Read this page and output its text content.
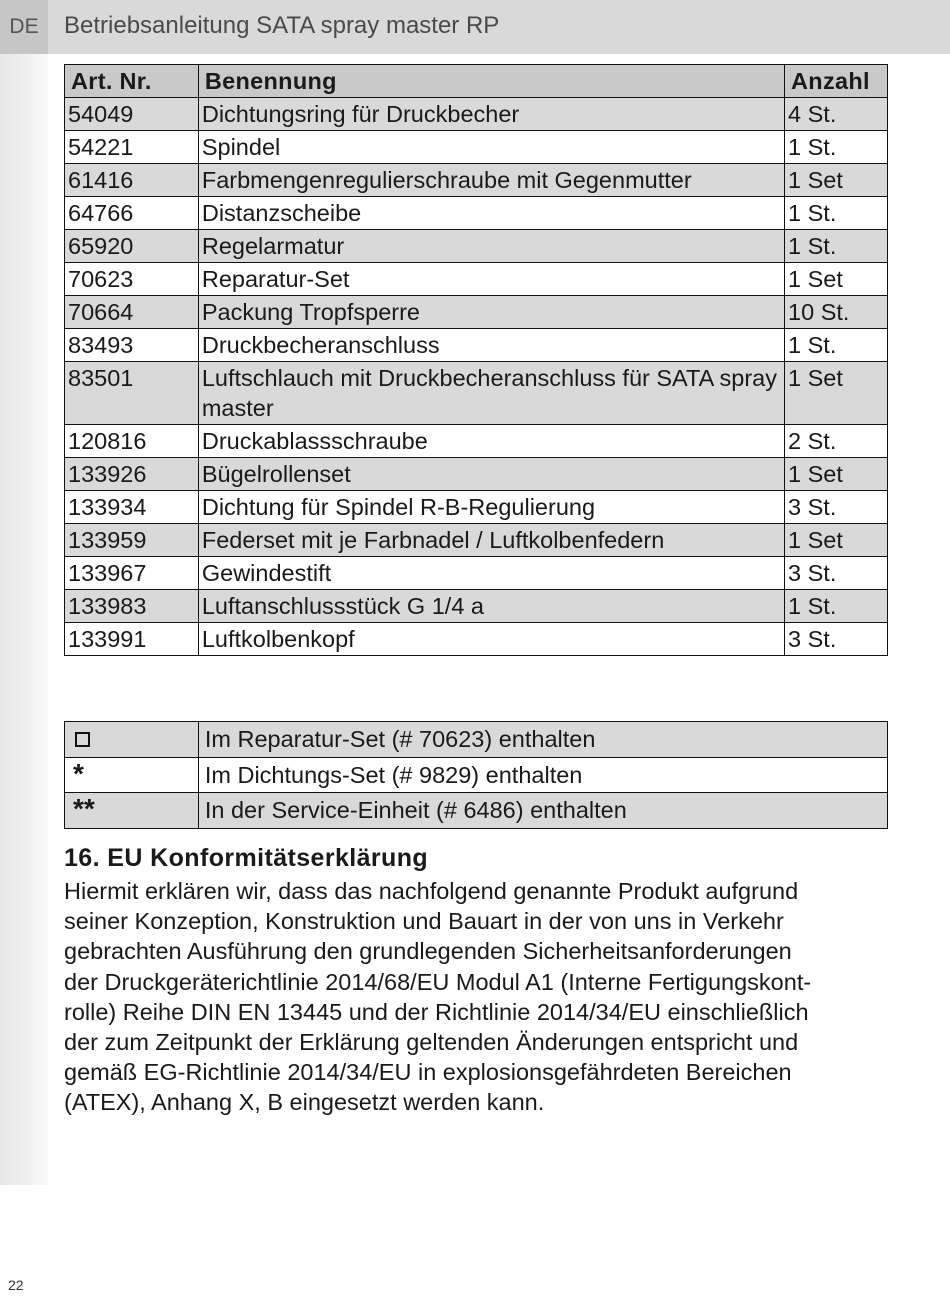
DE	Betriebsanleitung SATA spray master RP
Art. Nr.	Benennung	Anzahl
54049	Dichtungsring für Druckbecher	4 St.
54221	Spindel	1 St.
61416	Farbmengenregulierschraube mit Gegenmutter	1 Set
64766	Distanzscheibe	1 St.
65920	Regelarmatur	1 St.
70623	Reparatur-Set	1 Set
70664	Packung Tropfsperre	10 St.
83493	Druckbecheranschluss	1 St.
83501	Luftschlauch mit Druckbecheranschluss für SATA spray master	1 Set
120816	Druckablassschraube	2 St.
133926	Bügelrollenset	1 Set
133934	Dichtung für Spindel R-B-Regulierung	3 St.
133959	Federset mit je Farbnadel / Luftkolbenfedern	1 Set
133967	Gewindestift	3 St.
133983	Luftanschlussstück G 1/4 a	1 St.
133991	Luftkolbenkopf	3 St.
	Im Reparatur-Set (# 70623) enthalten
*	Im Dichtungs-Set (# 9829) enthalten
**	In der Service-Einheit (# 6486) enthalten
16. EU Konformitätserklärung
Hiermit erklären wir, dass das nachfolgend genannte Produkt aufgrund
seiner Konzeption, Konstruktion und Bauart in der von uns in Verkehr
gebrachten Ausführung den grundlegenden Sicherheitsanforderungen
der Druckgeräterichtlinie 2014/68/EU Modul A1 (Interne Fertigungskont-
rolle) Reihe DIN EN 13445 und der Richtlinie 2014/34/EU einschließlich
der zum Zeitpunkt der Erklärung geltenden Änderungen entspricht und
gemäß EG-Richtlinie 2014/34/EU in explosionsgefährdeten Bereichen
(ATEX), Anhang X, B eingesetzt werden kann.
22
